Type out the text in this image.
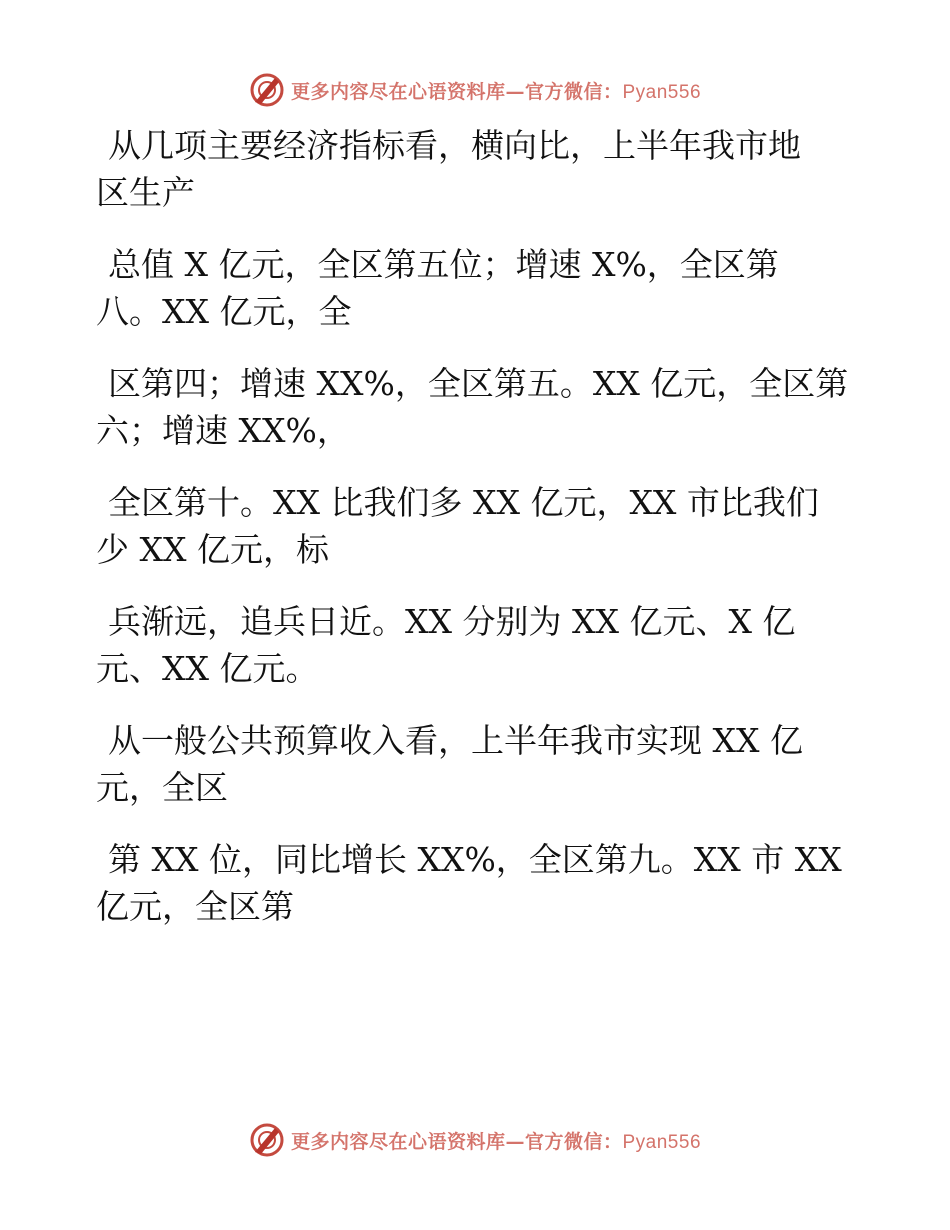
更多内容尽在心语资料库—官方微信：Pyan556

从几项主要经济指标看，横向比，上半年我市地
区生产

总值 X 亿元，全区第五位；增速 X%，全区第
八。XX 亿元，全

区第四；增速 XX%，全区第五。XX 亿元，全区第
六；增速 XX%，

全区第十。XX 比我们多 XX 亿元，XX 市比我们
少 XX 亿元，标

兵渐远，追兵日近。XX 分别为 XX 亿元、X 亿
元、XX 亿元。

从一般公共预算收入看，上半年我市实现 XX 亿
元，全区

第 XX 位，同比增长 XX%，全区第九。XX 市 XX
亿元，全区第

更多内容尽在心语资料库—官方微信：Pyan556
